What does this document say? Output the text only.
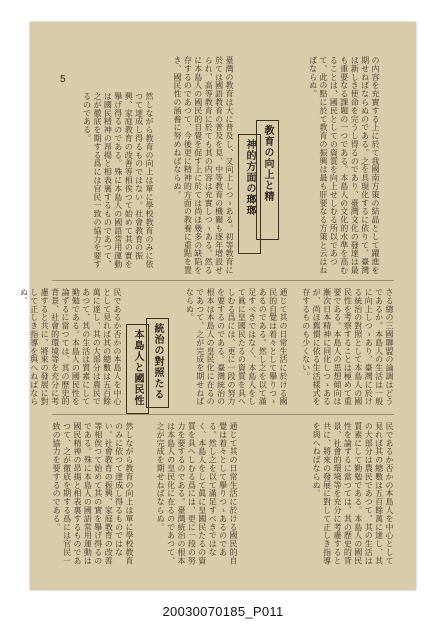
5	の内容を充實する上に於て我國南方策の結晶として躍進を期せねばならぬのである。之を具現化するに依りて、臺灣は新しき使命を完うし得るのであり、臺灣文化の發達は最も重要なる課題の一つである。本島人の文化的水準を高むることは、國民としての資質を向上せしむる所以であつて、此の點に於て教育の振興は最も肝要なる方策と云はねばならぬ。
教育の向上と精
神的方面の瑯瑯
臺灣の教育は大に普及し、又向上しつゝある。初等教育に於ては國語教育の普及を見、中等教育の機關も逐年增設せられ、高等教育に於ても其の内容は充實しつゝある。然るに本島人の國民的自覺を促す上に於ては尚ほ幾多の缺陷を存するのであつて、今後更に精神的方面の教養に重點を置き、國民性の涵養に努めねばならぬ。
然しながら教育の向上は單に學校教育のみに依つて達成し得るものではない。社會教育の振興、家庭教育の改善等相俟つて始めて其の實を擧げ得るのである。殊に本島人の國語常用運動は國民精神の昂揚と相表裏するものであつて、之が徹底を期する爲には官民一致の協力を要するのである。
さる總の三國聯盟の論調はどうであるか。本島人の生活は一般に向上しつゝあり、臺灣に於ける統治の對照として本島人の國民性を考察することは極めて重要である。本島人の思想傾向は漸次日本精神に同化しつゝあるが、尚ほ舊慣に依る生活樣式を存するものも少くない。
通じて其の日常生活に於ける國民的自覺は着々として擧りつゝあるのである。然し之を以て滿足すべきではなく、本島人をして眞に皇國民たるの資質を具へしむる爲には、更に一段の努力を要するのである。臺灣統治の根本は本島人の皇民化に在るのであつて、之が完成を期せねばならぬ。
統治の對照たる
本島人と國民性
民であるか否かの本島人を中心として見れば其の總數は五百餘萬に達し、其の大部分は農民であつて、其の生活は質素にして勤勉である。本島人の國民性を論ずるに當つては、其の歷史的背景、社會的環境等を充分に考慮すると共に、將來の發展に對して正しき指導を與へねばならぬ。
民であるか否かの本島人を中心として見れば其の總數は五百餘萬に達し、其の大部分は農民であつて、其の生活は質素にして勤勉である。本島人の國民性を論ずるに當つては、其の歷史的背景、社會的環境等を充分に考慮すると共に、將來の發展に對して正しき指導を與へねばならぬ。
通じて其の日常生活に於ける國民的自覺は着々として擧りつゝあるのである。然し之を以て滿足すべきではなく、本島人をして眞に皇國民たるの資質を具へしむる爲には、更に一段の努力を要するのである。臺灣統治の根本は本島人の皇民化に在るのであつて、之が完成を期せねばならぬ。
然しながら教育の向上は單に學校教育のみに依つて達成し得るものではない。社會教育の振興、家庭教育の改善等相俟つて始めて其の實を擧げ得るのである。殊に本島人の國語常用運動は國民精神の昂揚と相表裏するものであつて、之が徹底を期する爲には官民一致の協力を要するのである。
20030070185_P011
